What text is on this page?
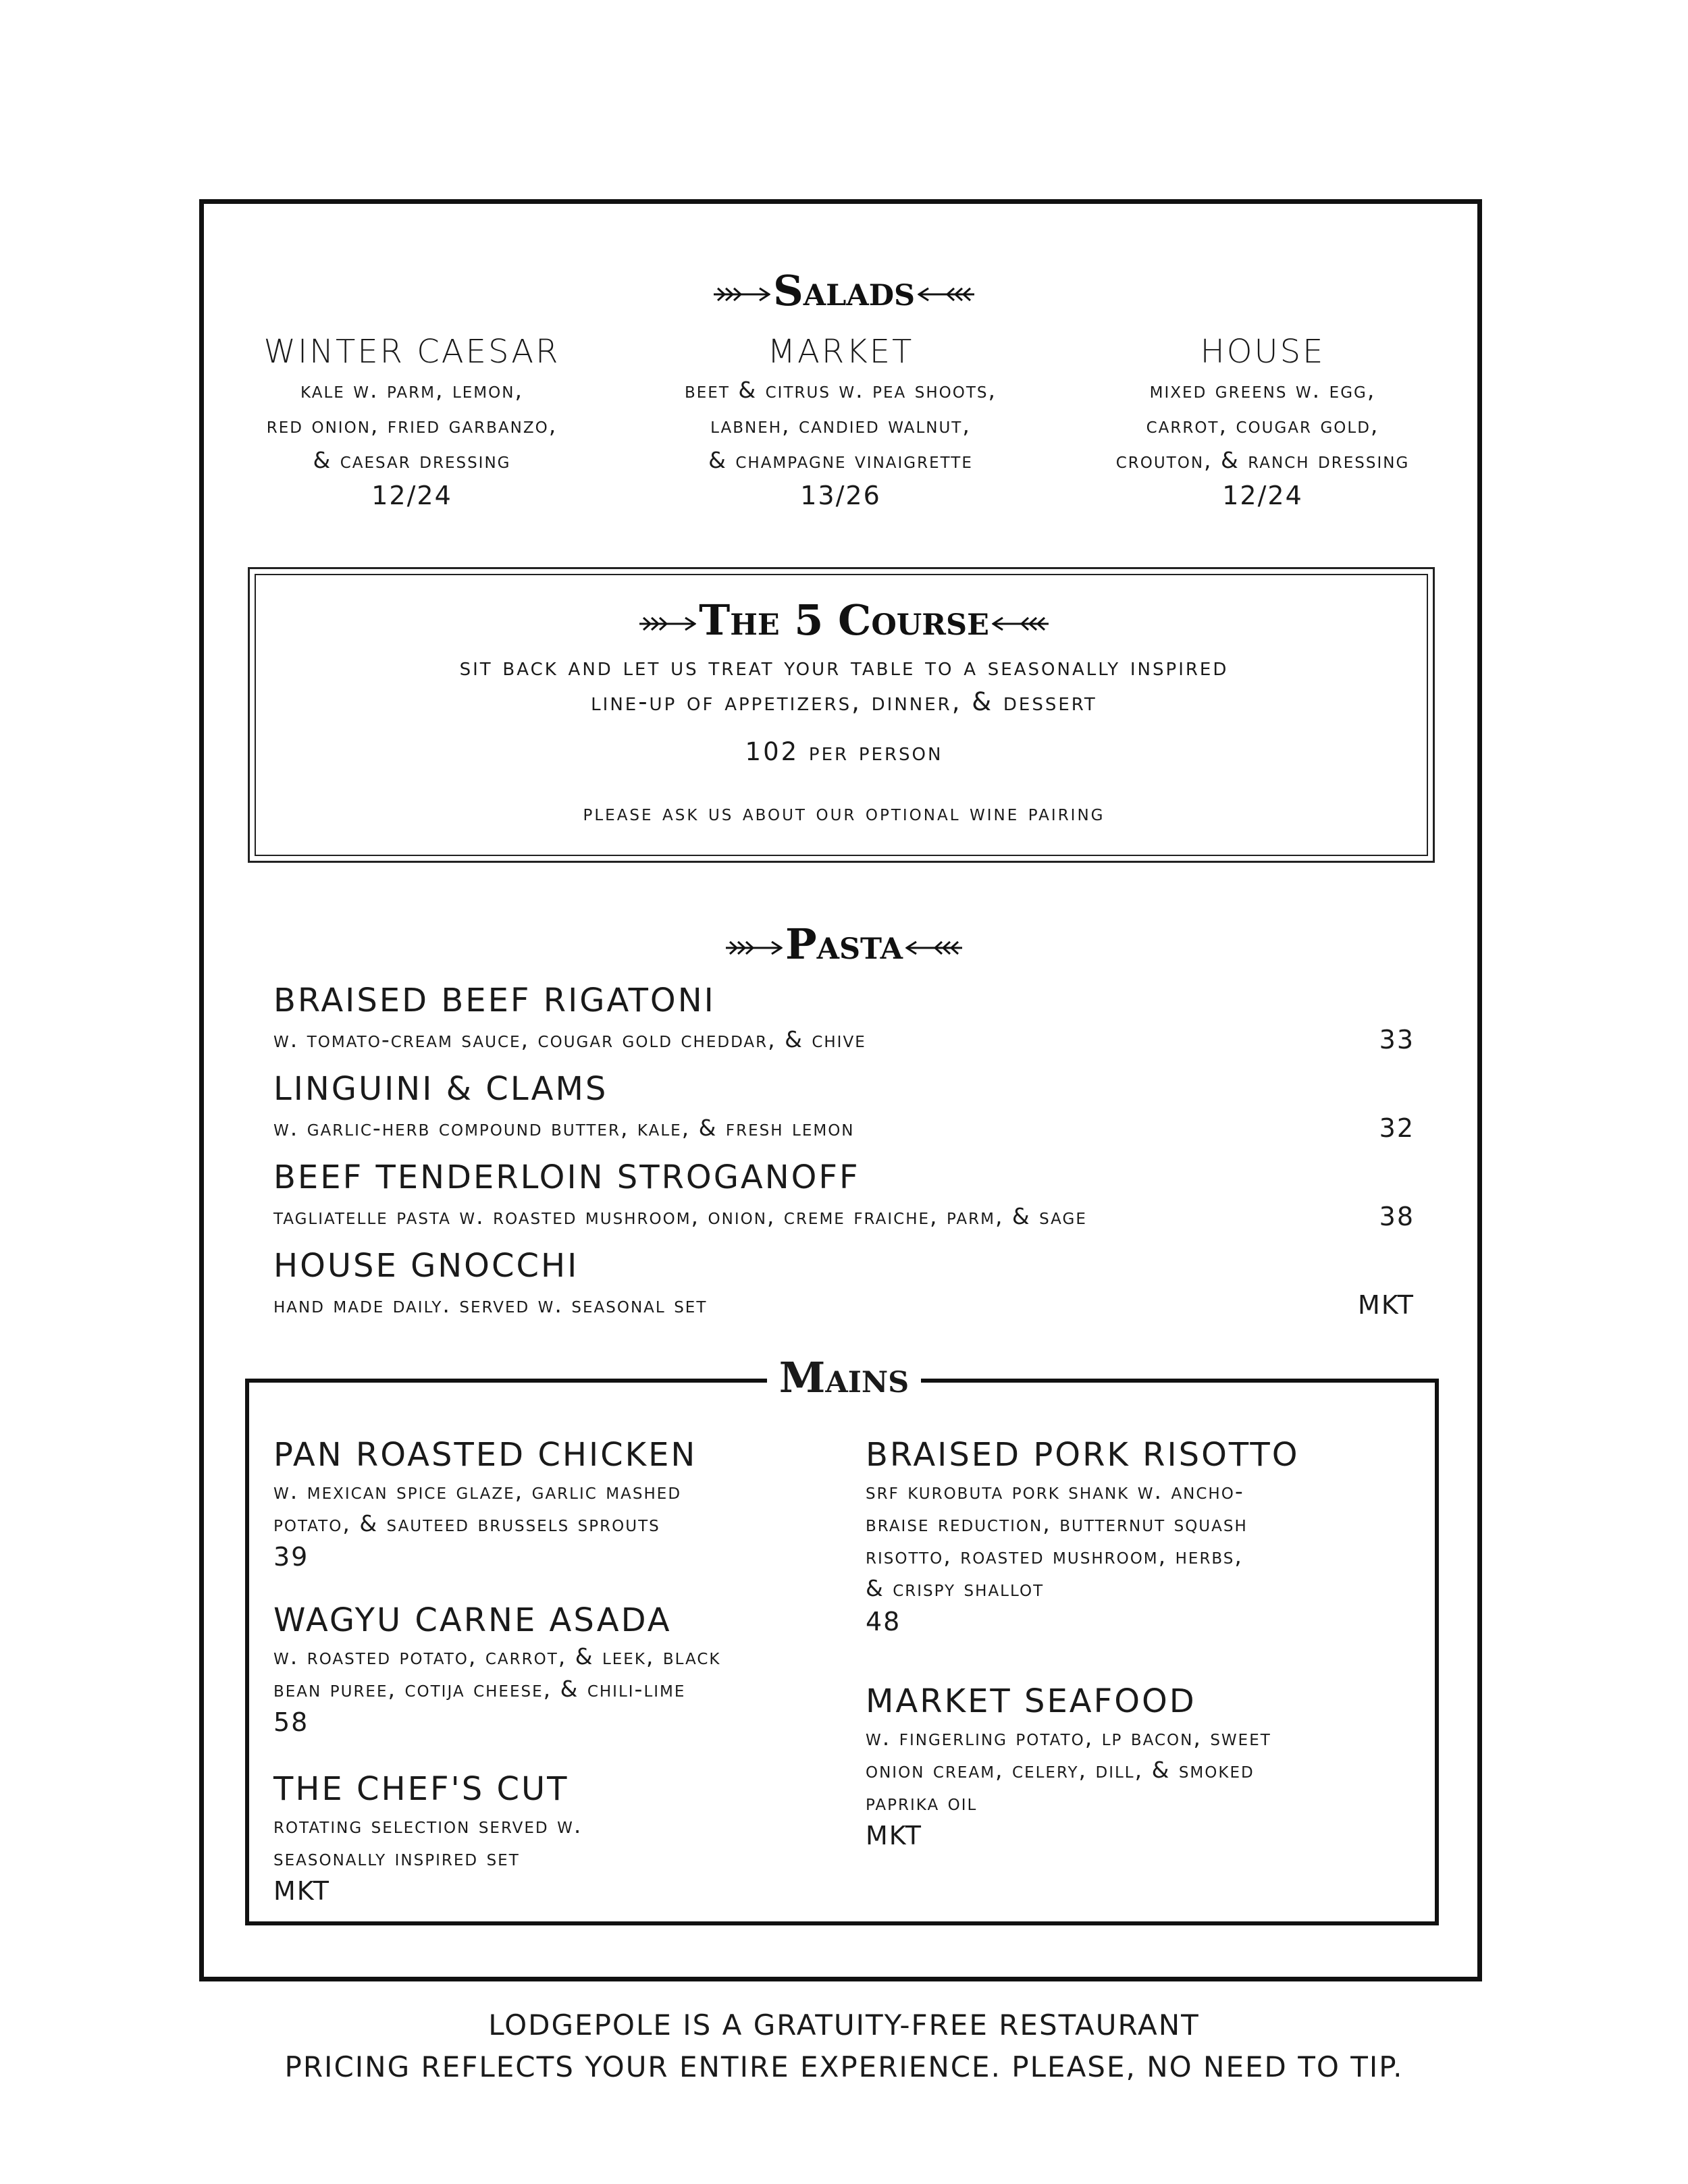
Salads
WINTER CAESAR
kale w. parm, lemon,
red onion, fried garbanzo,
& caesar dressing
12/24
MARKET
beet & citrus w. pea shoots,
labneh, candied walnut,
& champagne vinaigrette
13/26
HOUSE
mixed greens w. egg,
carrot, cougar gold,
crouton, & ranch dressing
12/24
The 5 Course
sit back and let us treat your table to a seasonally inspired
line-up of appetizers, dinner, & dessert
102 per person
please ask us about our optional wine pairing
Pasta
BRAISED BEEF RIGATONI
w. tomato-cream sauce, cougar gold cheddar, & chive	33
LINGUINI & CLAMS
w. garlic-herb compound butter, kale, & fresh lemon	32
BEEF TENDERLOIN STROGANOFF
tagliatelle pasta w. roasted mushroom, onion, creme fraiche, parm, & sage	38
HOUSE GNOCCHI
hand made daily. served w. seasonal set	MKT
Mains
PAN ROASTED CHICKEN
w. mexican spice glaze, garlic mashed
potato, & sauteed brussels sprouts
39
WAGYU CARNE ASADA
w. roasted potato, carrot, & leek, black
bean puree, cotija cheese, & chili-lime
58
THE CHEF'S CUT
rotating selection served w.
seasonally inspired set
MKT
BRAISED PORK RISOTTO
srf kurobuta pork shank w. ancho-
braise reduction, butternut squash
risotto, roasted mushroom, herbs,
& crispy shallot
48
MARKET SEAFOOD
w. fingerling potato, lp bacon, sweet
onion cream, celery, dill, & smoked
paprika oil
MKT
LODGEPOLE IS A GRATUITY-FREE RESTAURANT
PRICING REFLECTS YOUR ENTIRE EXPERIENCE. PLEASE, NO NEED TO TIP.
